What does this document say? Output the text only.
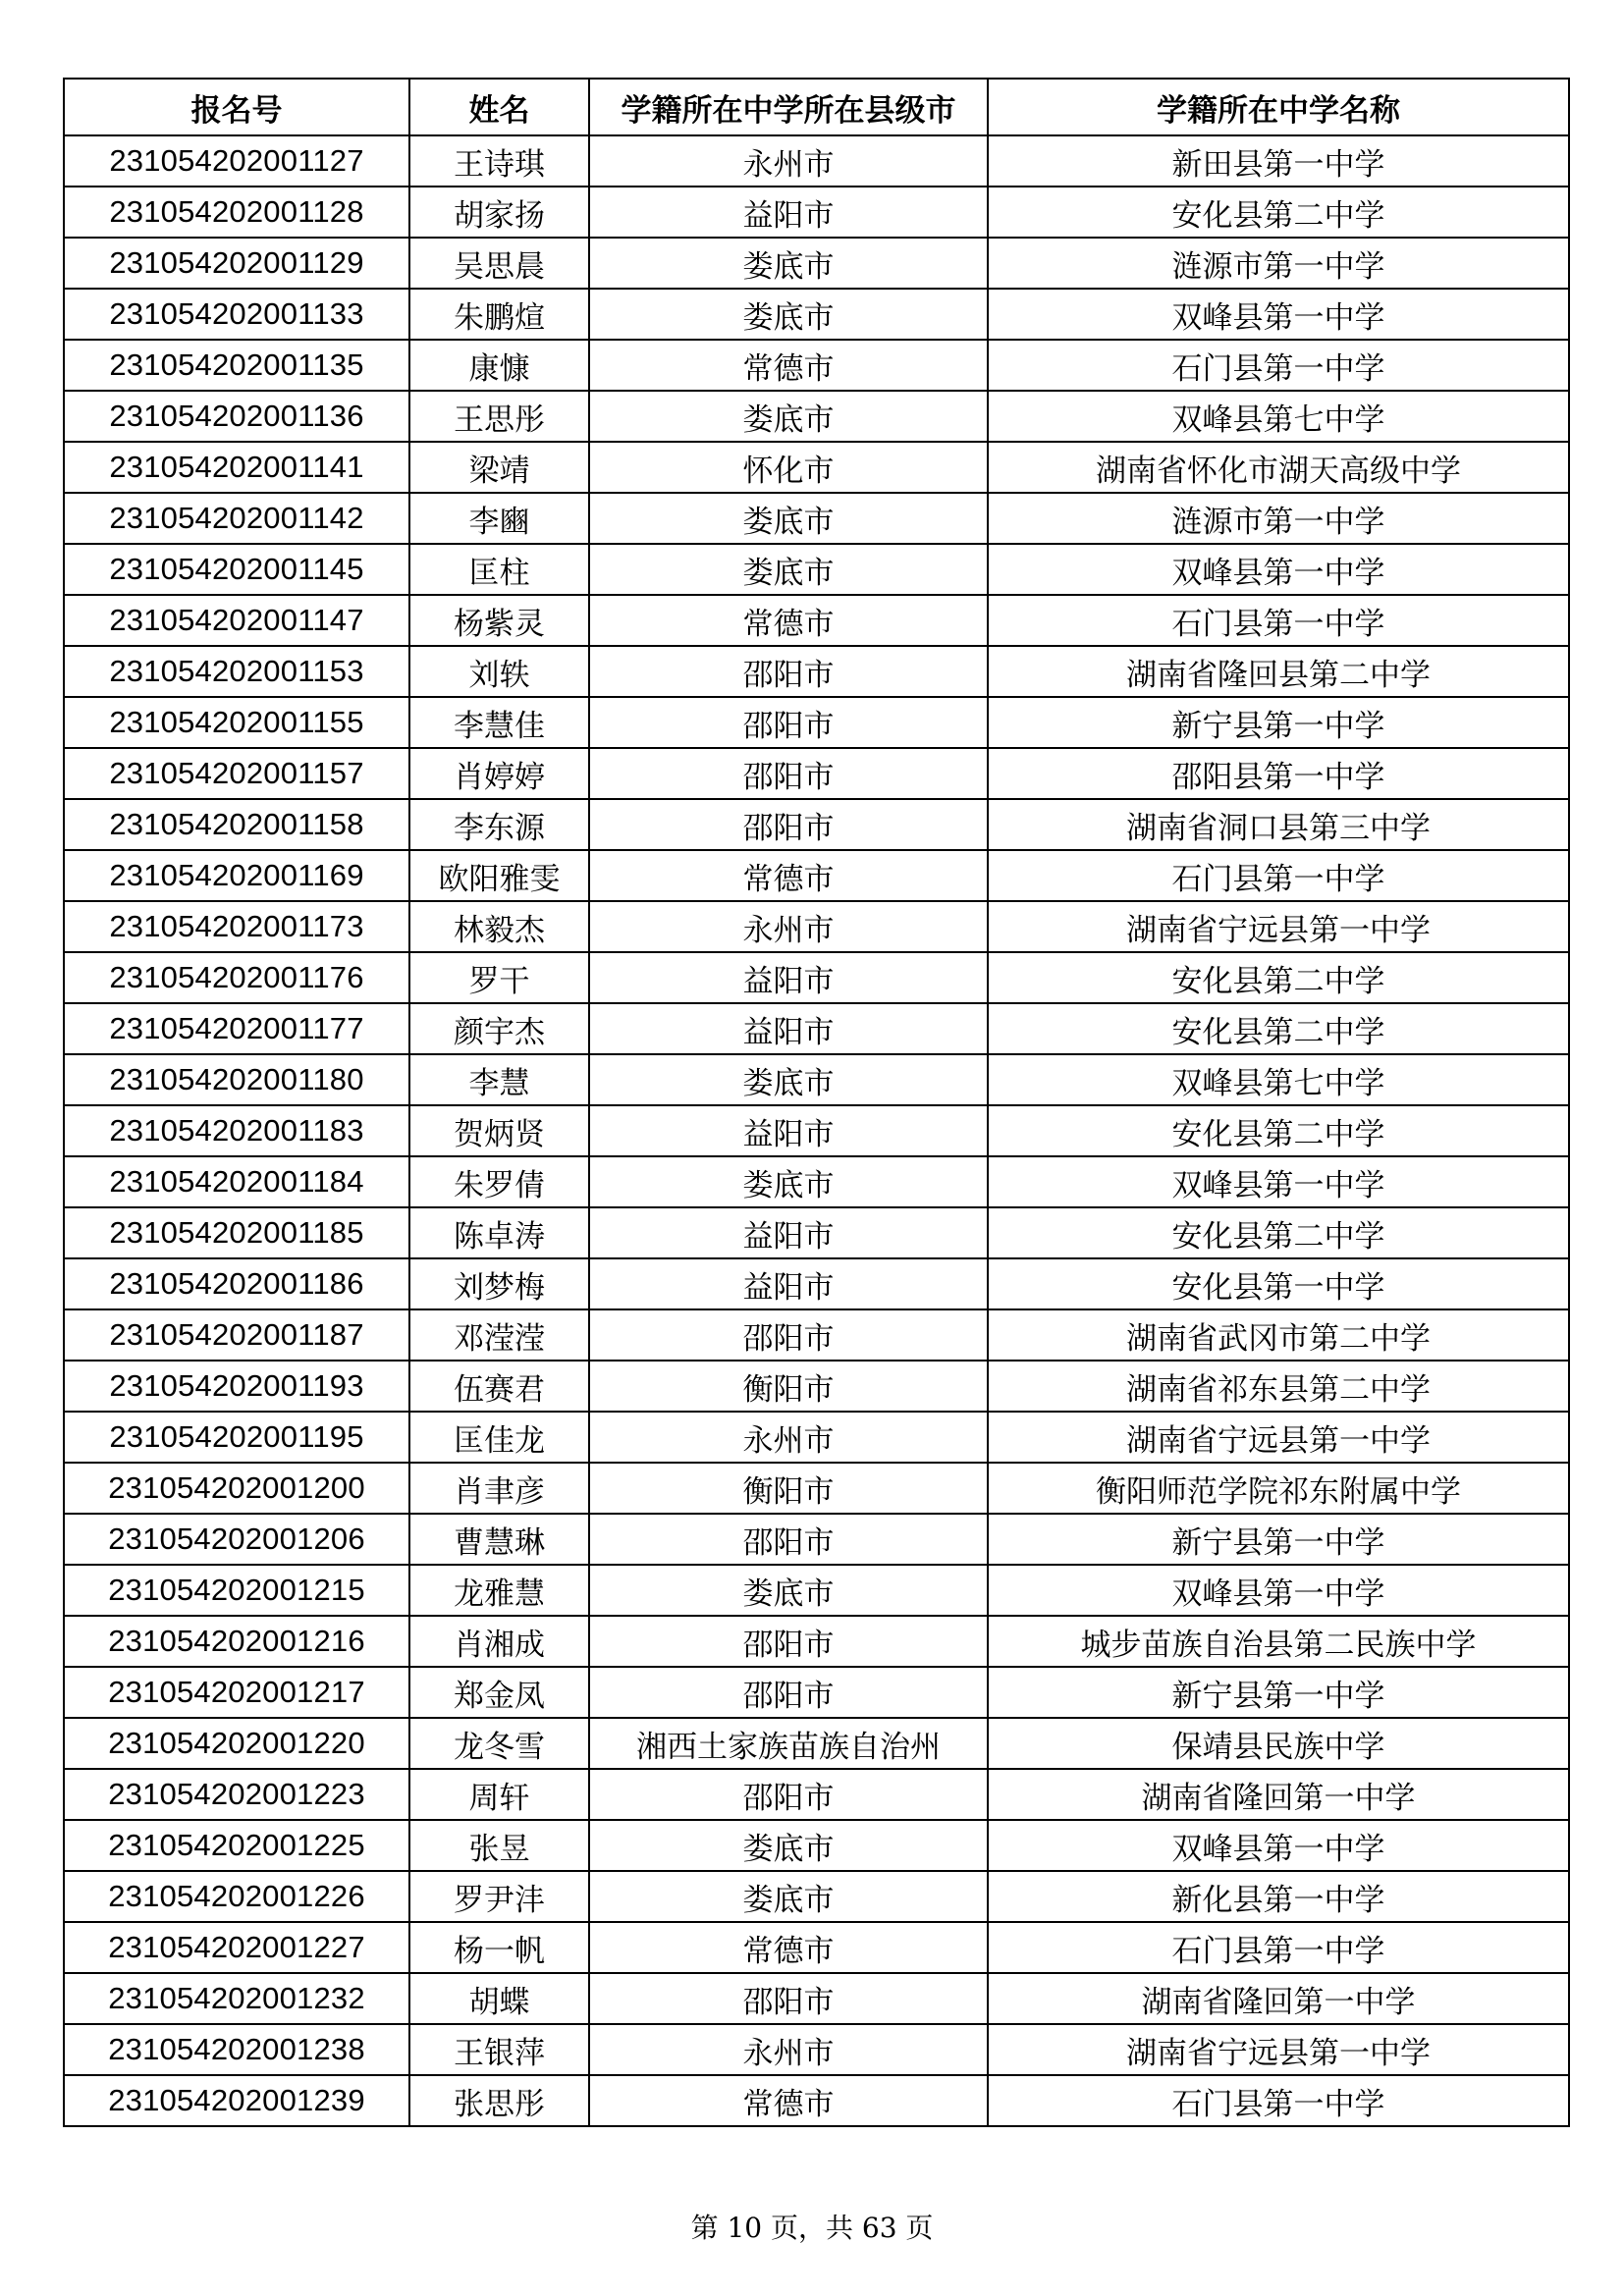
报名号	姓名	学籍所在中学所在县级市	学籍所在中学名称
231054202001127	王诗琪	永州市	新田县第一中学
231054202001128	胡家扬	益阳市	安化县第二中学
231054202001129	吴思晨	娄底市	涟源市第一中学
231054202001133	朱鹏煊	娄底市	双峰县第一中学
231054202001135	康慷	常德市	石门县第一中学
231054202001136	王思彤	娄底市	双峰县第七中学
231054202001141	梁靖	怀化市	湖南省怀化市湖天高级中学
231054202001142	李豳	娄底市	涟源市第一中学
231054202001145	匡柱	娄底市	双峰县第一中学
231054202001147	杨紫灵	常德市	石门县第一中学
231054202001153	刘轶	邵阳市	湖南省隆回县第二中学
231054202001155	李慧佳	邵阳市	新宁县第一中学
231054202001157	肖婷婷	邵阳市	邵阳县第一中学
231054202001158	李东源	邵阳市	湖南省洞口县第三中学
231054202001169	欧阳雅雯	常德市	石门县第一中学
231054202001173	林毅杰	永州市	湖南省宁远县第一中学
231054202001176	罗干	益阳市	安化县第二中学
231054202001177	颜宇杰	益阳市	安化县第二中学
231054202001180	李慧	娄底市	双峰县第七中学
231054202001183	贺炳贤	益阳市	安化县第二中学
231054202001184	朱罗倩	娄底市	双峰县第一中学
231054202001185	陈卓涛	益阳市	安化县第二中学
231054202001186	刘梦梅	益阳市	安化县第一中学
231054202001187	邓滢滢	邵阳市	湖南省武冈市第二中学
231054202001193	伍赛君	衡阳市	湖南省祁东县第二中学
231054202001195	匡佳龙	永州市	湖南省宁远县第一中学
231054202001200	肖聿彦	衡阳市	衡阳师范学院祁东附属中学
231054202001206	曹慧琳	邵阳市	新宁县第一中学
231054202001215	龙雅慧	娄底市	双峰县第一中学
231054202001216	肖湘成	邵阳市	城步苗族自治县第二民族中学
231054202001217	郑金凤	邵阳市	新宁县第一中学
231054202001220	龙冬雪	湘西土家族苗族自治州	保靖县民族中学
231054202001223	周轩	邵阳市	湖南省隆回第一中学
231054202001225	张昱	娄底市	双峰县第一中学
231054202001226	罗尹沣	娄底市	新化县第一中学
231054202001227	杨一帆	常德市	石门县第一中学
231054202001232	胡蝶	邵阳市	湖南省隆回第一中学
231054202001238	王银萍	永州市	湖南省宁远县第一中学
231054202001239	张思彤	常德市	石门县第一中学
第 10 页，共 63 页
